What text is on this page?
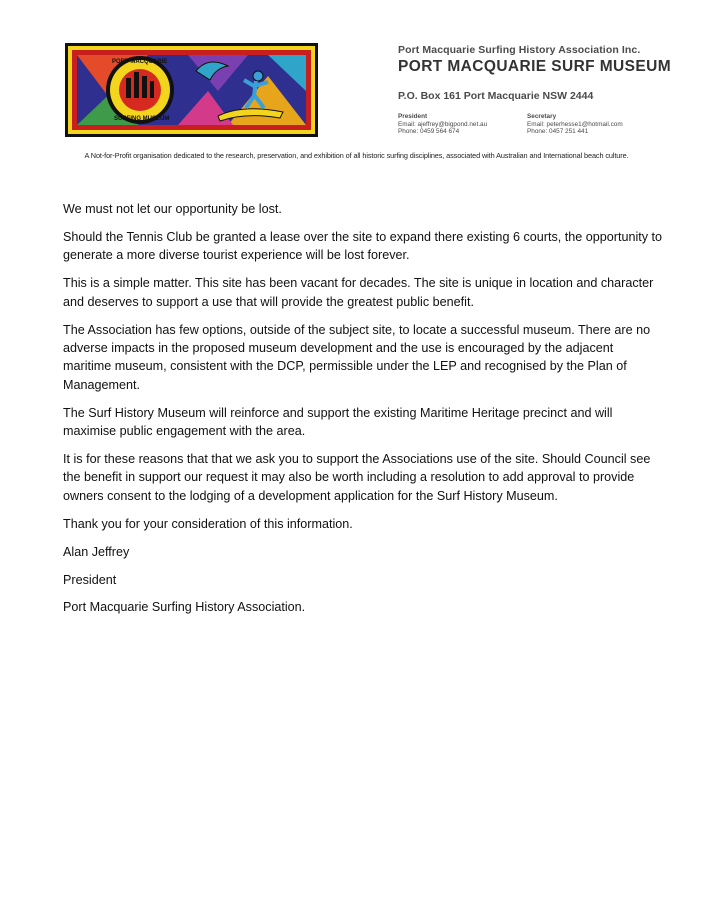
PORT MACQUARIE
SURFING MUSEUM
Port Macquarie Surfing History Association Inc.
PORT MACQUARIE SURF MUSEUM
P.O. Box 161 Port Macquarie NSW 2444
President
Email: ajeffrey@bigpond.net.au
Phone: 0459 564 674
Secretary
Email: peterhesse1@hotmail.com
Phone: 0457 251 441
A Not-for-Profit organisation dedicated to the research, preservation, and exhibition of all historic surfing disciplines, associated with Australian and International beach culture.

We must not let our opportunity be lost.

Should the Tennis Club be granted a lease over the site to expand there existing 6 courts, the opportunity to generate a more diverse tourist experience will be lost forever.

This is a simple matter. This site has been vacant for decades. The site is unique in location and character and deserves to support a use that will provide the greatest public benefit.

The Association has few options, outside of the subject site, to locate a successful museum. There are no adverse impacts in the proposed museum development and the use is encouraged by the adjacent maritime museum, consistent with the DCP, permissible under the LEP and recognised by the Plan of Management.

The Surf History Museum will reinforce and support the existing Maritime Heritage precinct and will maximise public engagement with the area.

It is for these reasons that that we ask you to support the Associations use of the site. Should Council see the benefit in support our request it may also be worth including a resolution to add approval to provide owners consent to the lodging of a development application for the Surf History Museum.

Thank you for your consideration of this information.

Alan Jeffrey

President

Port Macquarie Surfing History Association.
